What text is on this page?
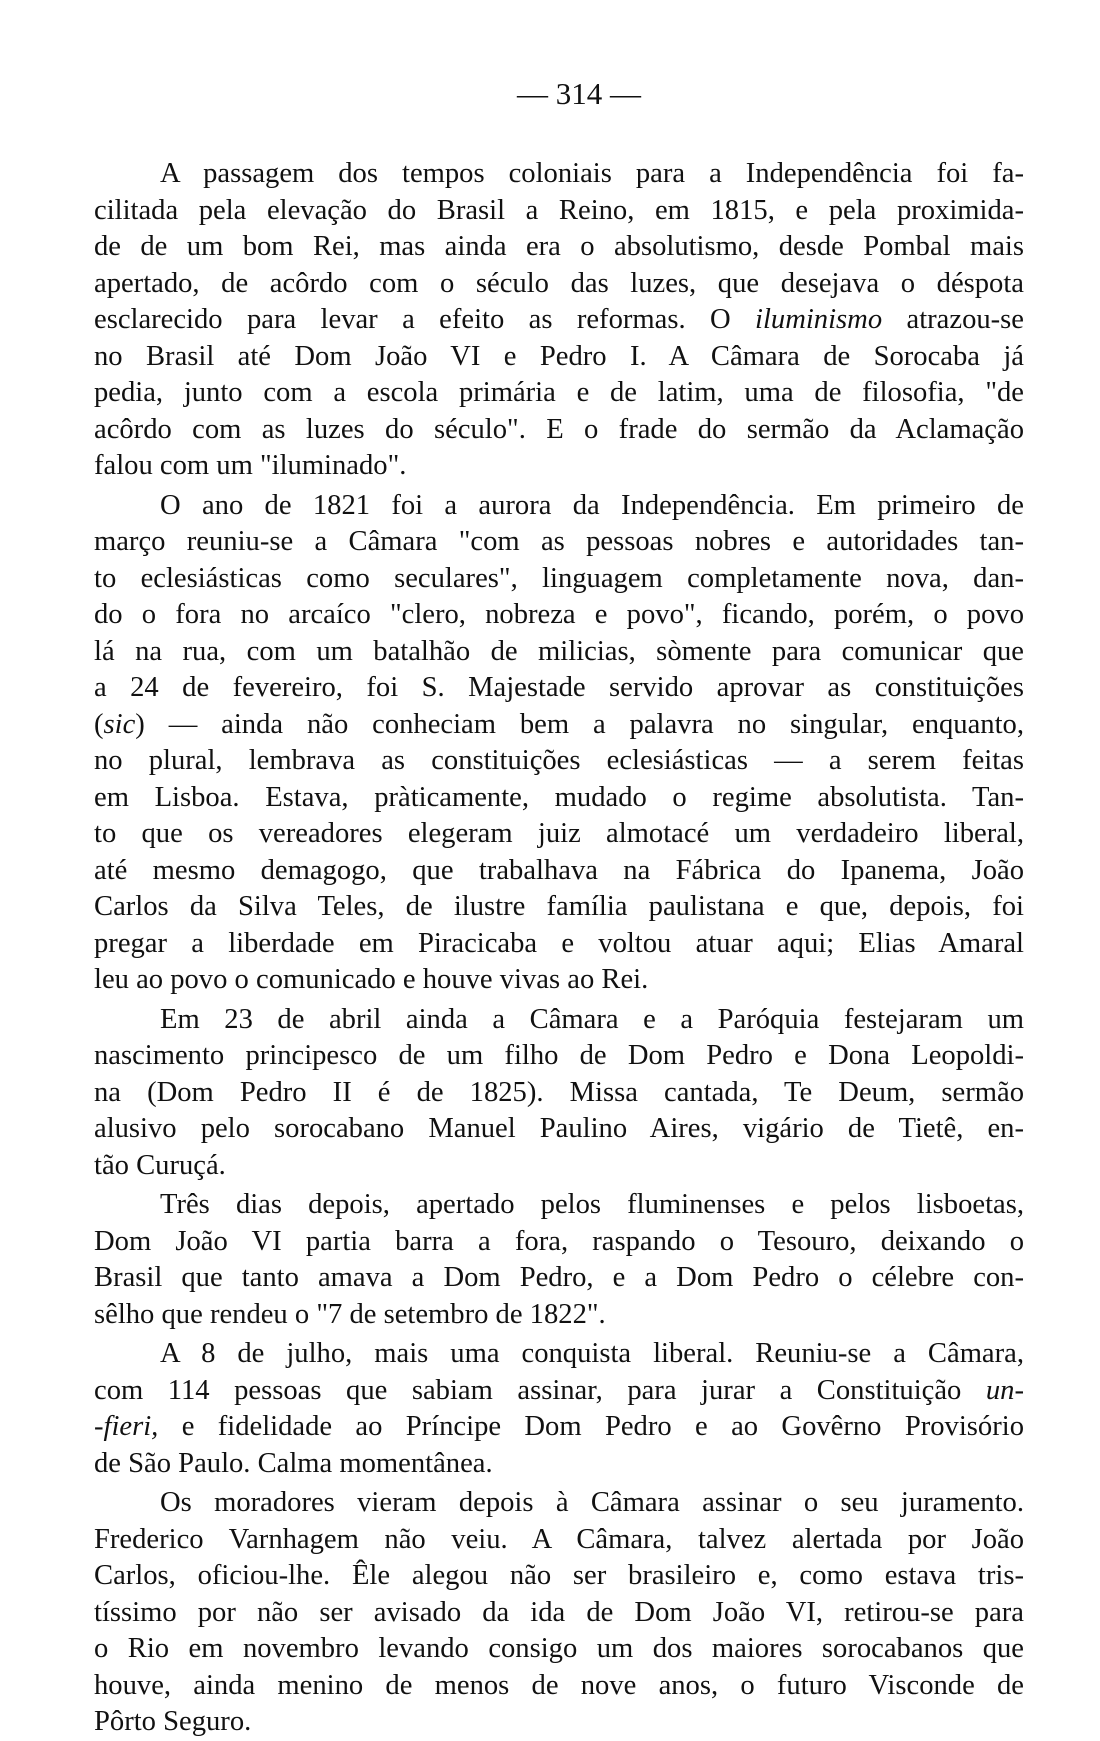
— 314 —
A passagem dos tempos coloniais para a Independência foi fa-
cilitada pela elevação do Brasil a Reino, em 1815, e pela proximida-
de de um bom Rei, mas ainda era o absolutismo, desde Pombal mais
apertado, de acôrdo com o século das luzes, que desejava o déspota
esclarecido para levar a efeito as reformas. O iluminismo atrazou-se
no Brasil até Dom João VI e Pedro I. A Câmara de Sorocaba já
pedia, junto com a escola primária e de latim, uma de filosofia, "de
acôrdo com as luzes do século". E o frade do sermão da Aclamação
falou com um "iluminado".
O ano de 1821 foi a aurora da Independência. Em primeiro de
março reuniu-se a Câmara "com as pessoas nobres e autoridades tan-
to eclesiásticas como seculares", linguagem completamente nova, dan-
do o fora no arcaíco "clero, nobreza e povo", ficando, porém, o povo
lá na rua, com um batalhão de milicias, sòmente para comunicar que
a 24 de fevereiro, foi S. Majestade servido aprovar as constituições
(sic) — ainda não conheciam bem a palavra no singular, enquanto,
no plural, lembrava as constituições eclesiásticas — a serem feitas
em Lisboa. Estava, pràticamente, mudado o regime absolutista. Tan-
to que os vereadores elegeram juiz almotacé um verdadeiro liberal,
até mesmo demagogo, que trabalhava na Fábrica do Ipanema, João
Carlos da Silva Teles, de ilustre família paulistana e que, depois, foi
pregar a liberdade em Piracicaba e voltou atuar aqui; Elias Amaral
leu ao povo o comunicado e houve vivas ao Rei.
Em 23 de abril ainda a Câmara e a Paróquia festejaram um
nascimento principesco de um filho de Dom Pedro e Dona Leopoldi-
na (Dom Pedro II é de 1825). Missa cantada, Te Deum, sermão
alusivo pelo sorocabano Manuel Paulino Aires, vigário de Tietê, en-
tão Curuçá.
Três dias depois, apertado pelos fluminenses e pelos lisboetas,
Dom João VI partia barra a fora, raspando o Tesouro, deixando o
Brasil que tanto amava a Dom Pedro, e a Dom Pedro o célebre con-
sêlho que rendeu o "7 de setembro de 1822".
A 8 de julho, mais uma conquista liberal. Reuniu-se a Câmara,
com 114 pessoas que sabiam assinar, para jurar a Constituição un-
-fieri, e fidelidade ao Príncipe Dom Pedro e ao Govêrno Provisório
de São Paulo. Calma momentânea.
Os moradores vieram depois à Câmara assinar o seu juramento.
Frederico Varnhagem não veiu. A Câmara, talvez alertada por João
Carlos, oficiou-lhe. Êle alegou não ser brasileiro e, como estava tris-
tíssimo por não ser avisado da ida de Dom João VI, retirou-se para
o Rio em novembro levando consigo um dos maiores sorocabanos que
houve, ainda menino de menos de nove anos, o futuro Visconde de
Pôrto Seguro.
